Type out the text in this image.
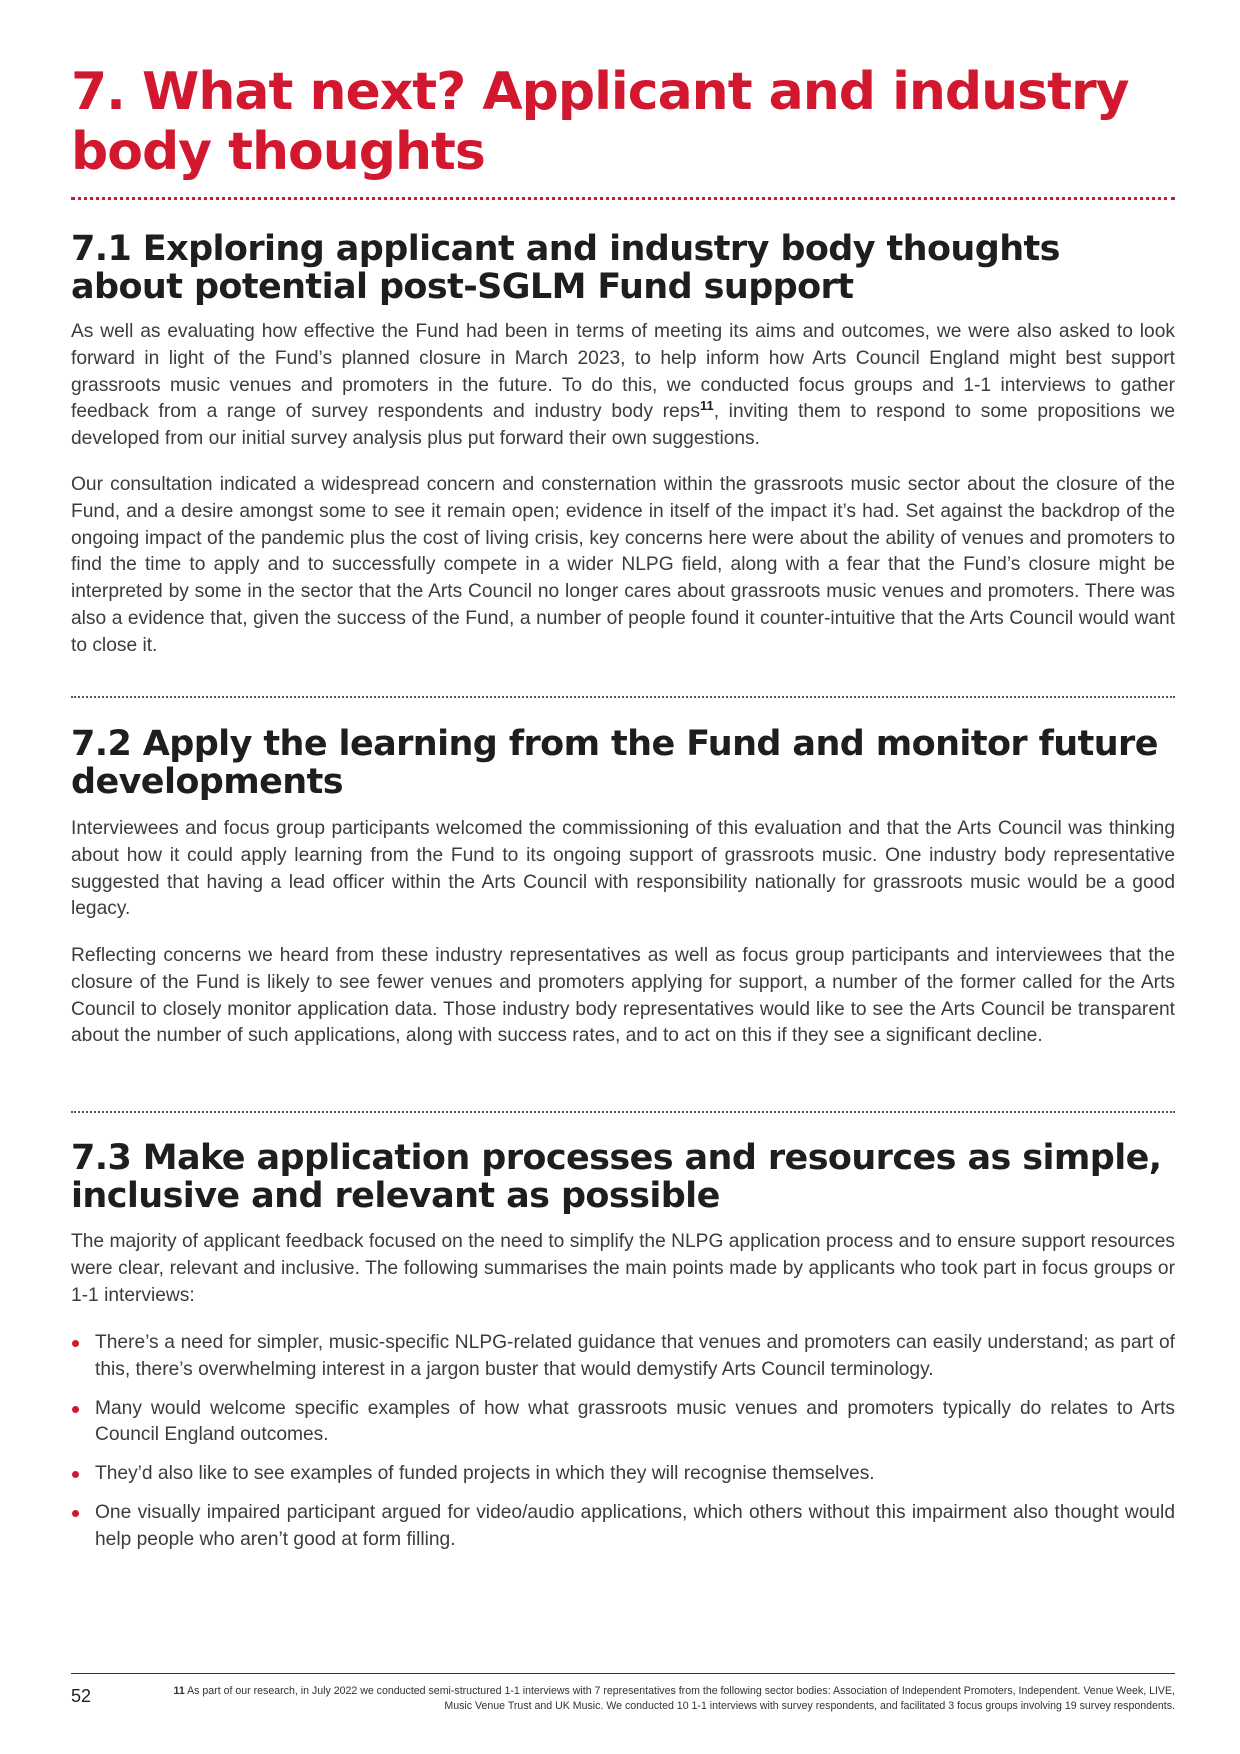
7. What next? Applicant and industry body thoughts
7.1 Exploring applicant and industry body thoughts about potential post-SGLM Fund support

As well as evaluating how effective the Fund had been in terms of meeting its aims and outcomes, we were also asked to look forward in light of the Fund’s planned closure in March 2023, to help inform how Arts Council England might best support grassroots music venues and promoters in the future. To do this, we conducted focus groups and 1-1 interviews to gather feedback from a range of survey respondents and industry body reps$^{11}$, inviting them to respond to some propositions we developed from our initial survey analysis plus put forward their own suggestions.

Our consultation indicated a widespread concern and consternation within the grassroots music sector about the closure of the Fund, and a desire amongst some to see it remain open; evidence in itself of the impact it’s had. Set against the backdrop of the ongoing impact of the pandemic plus the cost of living crisis, key concerns here were about the ability of venues and promoters to find the time to apply and to successfully compete in a wider NLPG field, along with a fear that the Fund’s closure might be interpreted by some in the sector that the Arts Council no longer cares about grassroots music venues and promoters. There was also a evidence that, given the success of the Fund, a number of people found it counter-intuitive that the Arts Council would want to close it.

7.2 Apply the learning from the Fund and monitor future developments

Interviewees and focus group participants welcomed the commissioning of this evaluation and that the Arts Council was thinking about how it could apply learning from the Fund to its ongoing support of grassroots music. One industry body representative suggested that having a lead officer within the Arts Council with responsibility nationally for grassroots music would be a good legacy.

Reflecting concerns we heard from these industry representatives as well as focus group participants and interviewees that the closure of the Fund is likely to see fewer venues and promoters applying for support, a number of the former called for the Arts Council to closely monitor application data. Those industry body representatives would like to see the Arts Council be transparent about the number of such applications, along with success rates, and to act on this if they see a significant decline.

7.3 Make application processes and resources as simple, inclusive and relevant as possible

The majority of applicant feedback focused on the need to simplify the NLPG application process and to ensure support resources were clear, relevant and inclusive. The following summarises the main points made by applicants who took part in focus groups or 1-1 interviews:

There’s a need for simpler, music-specific NLPG-related guidance that venues and promoters can easily understand; as part of this, there’s overwhelming interest in a jargon buster that would demystify Arts Council terminology.
Many would welcome specific examples of how what grassroots music venues and promoters typically do relates to Arts Council England outcomes.
They’d also like to see examples of funded projects in which they will recognise themselves.
One visually impaired participant argued for video/audio applications, which others without this impairment also thought would help people who aren’t good at form filling.
52	11 As part of our research, in July 2022 we conducted semi-structured 1-1 interviews with 7 representatives from the following sector bodies: Association of Independent Promoters, Independent. Venue Week, LIVE, Music Venue Trust and UK Music. We conducted 10 1-1 interviews with survey respondents, and facilitated 3 focus groups involving 19 survey respondents.
